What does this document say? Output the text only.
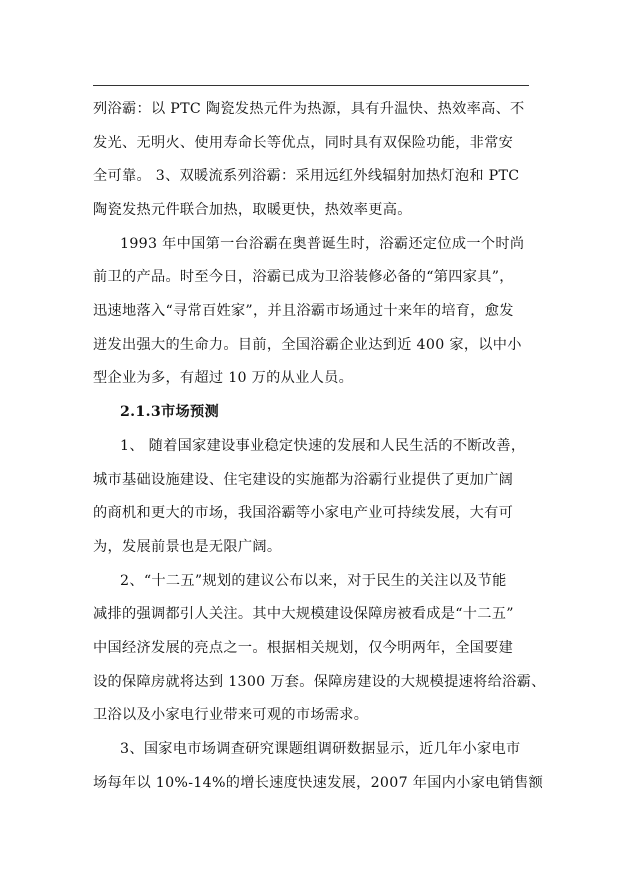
列浴霸：以 PTC 陶瓷发热元件为热源，具有升温快、热效率高、不
发光、无明火、使用寿命长等优点，同时具有双保险功能，非常安
全可靠。 3、双暖流系列浴霸：采用远红外线辐射加热灯泡和 PTC
陶瓷发热元件联合加热，取暖更快，热效率更高。
1993 年中国第一台浴霸在奥普诞生时，浴霸还定位成一个时尚
前卫的产品。时至今日，浴霸已成为卫浴装修必备的“第四家具”，
迅速地落入“寻常百姓家”，并且浴霸市场通过十来年的培育，愈发
迸发出强大的生命力。目前，全国浴霸企业达到近 400 家，以中小
型企业为多，有超过 10 万的从业人员。
2.1.3市场预测
1、 随着国家建设事业稳定快速的发展和人民生活的不断改善，
城市基础设施建设、住宅建设的实施都为浴霸行业提供了更加广阔
的商机和更大的市场，我国浴霸等小家电产业可持续发展，大有可
为，发展前景也是无限广阔。
2、“十二五”规划的建议公布以来，对于民生的关注以及节能
减排的强调都引人关注。其中大规模建设保障房被看成是“十二五”
中国经济发展的亮点之一。根据相关规划，仅今明两年，全国要建
设的保障房就将达到 1300 万套。保障房建设的大规模提速将给浴霸、
卫浴以及小家电行业带来可观的市场需求。
3、国家电市场调查研究课题组调研数据显示，近几年小家电市
场每年以 10%-14%的增长速度快速发展，2007 年国内小家电销售额
